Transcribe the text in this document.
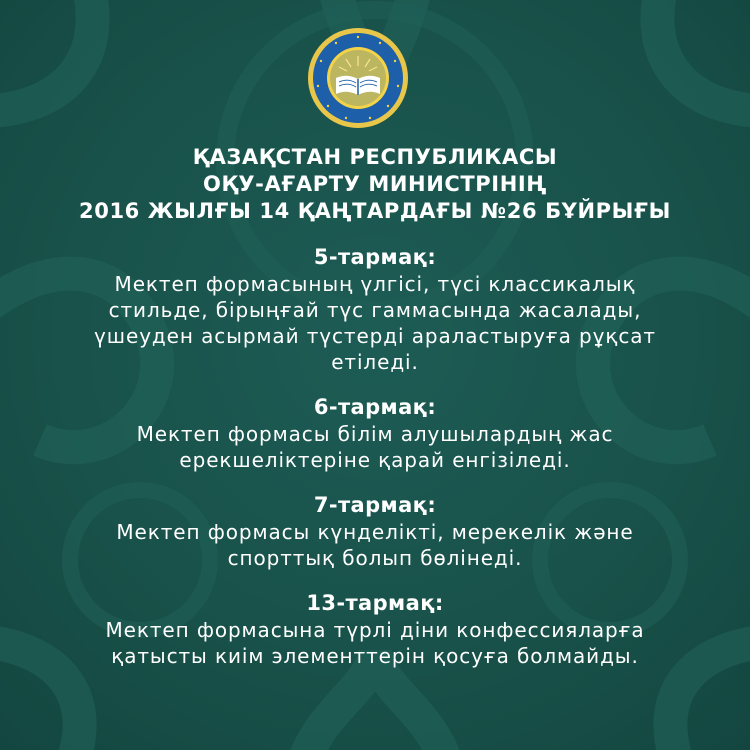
ҚАЗАҚСТАН РЕСПУБЛИКАСЫ
ОҚУ-АҒАРТУ МИНИСТРІНІҢ
2016 ЖЫЛҒЫ 14 ҚАҢТАРДАҒЫ №26 БҰЙРЫҒЫ
5-тармақ:
Мектеп формасының үлгісі, түсі классикалық
стильде, бірыңғай түс гаммасында жасалады,
үшеуден асырмай түстерді араластыруға рұқсат
етіледі.
6-тармақ:
Мектеп формасы білім алушылардың жас
ерекшеліктеріне қарай енгізіледі.
7-тармақ:
Мектеп формасы күнделікті, мерекелік және
спорттық болып бөлінеді.
13-тармақ:
Мектеп формасына түрлі діни конфессияларға
қатысты киім элементтерін қосуға болмайды.
